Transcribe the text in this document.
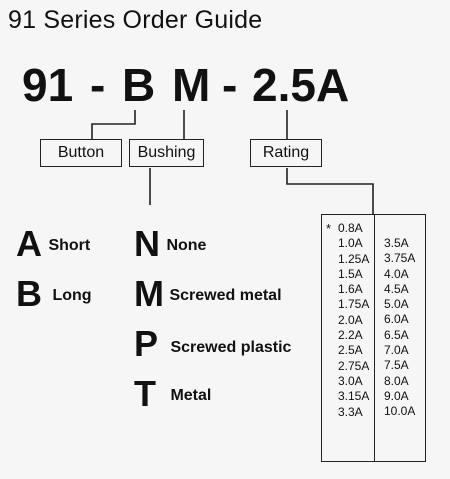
91 Series Order Guide
91 - B M - 2.5A
Button	Bushing	Rating
A Short
B Long
N None
M Screwed metal
P Screwed plastic
T Metal
* 0.8A
1.0A
1.25A
1.5A
1.6A
1.75A
2.0A
2.2A
2.5A
2.75A
3.0A
3.15A
3.3A
3.5A
3.75A
4.0A
4.5A
5.0A
6.0A
6.5A
7.0A
7.5A
8.0A
9.0A
10.0A
